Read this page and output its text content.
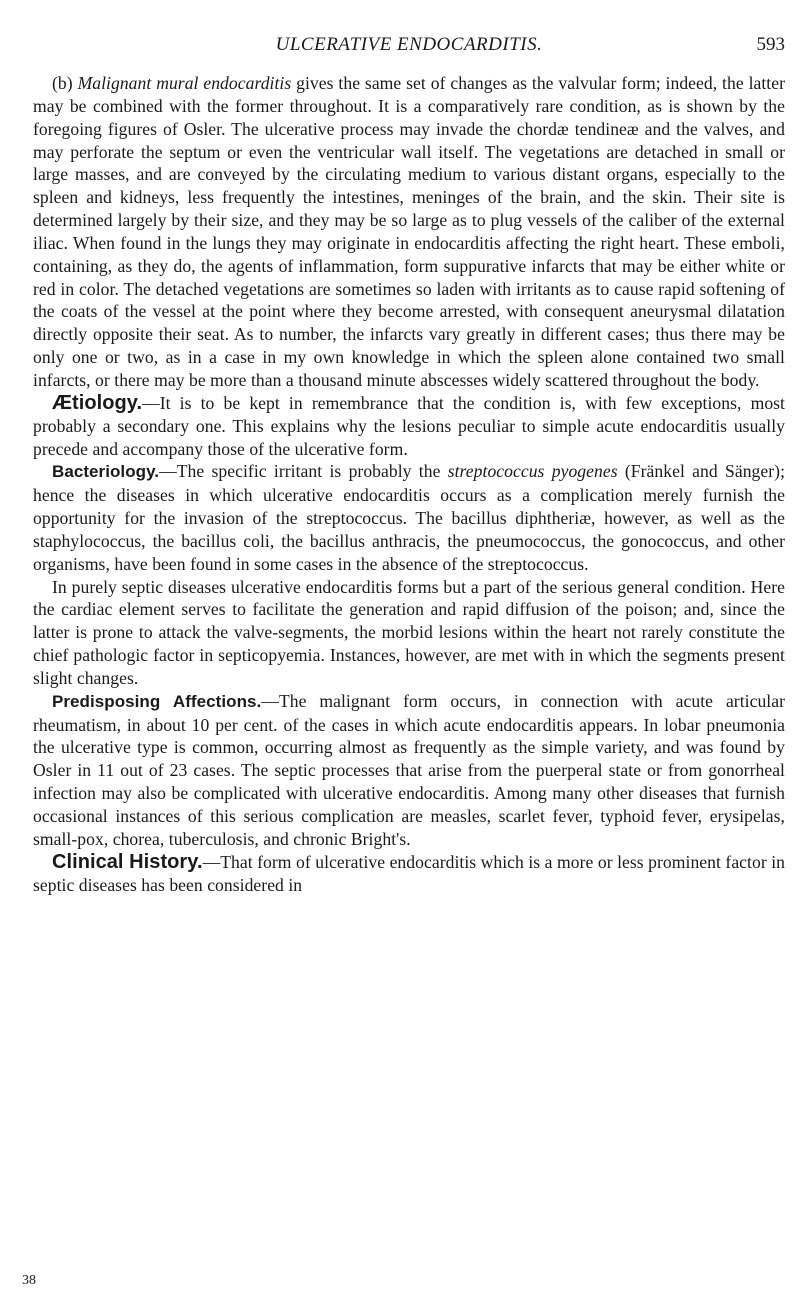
ULCERATIVE ENDOCARDITIS.	593

(b) Malignant mural endocarditis gives the same set of changes as the valvular form; indeed, the latter may be combined with the former throughout. It is a comparatively rare condition, as is shown by the foregoing figures of Osler. The ulcerative process may invade the chordæ tendineæ and the valves, and may perforate the septum or even the ventricular wall itself. The vegetations are detached in small or large masses, and are conveyed by the circulating medium to various distant organs, especially to the spleen and kidneys, less frequently the intestines, meninges of the brain, and the skin. Their site is determined largely by their size, and they may be so large as to plug vessels of the caliber of the external iliac. When found in the lungs they may originate in endocarditis affecting the right heart. These emboli, containing, as they do, the agents of inflammation, form suppurative infarcts that may be either white or red in color. The detached vegetations are sometimes so laden with irritants as to cause rapid softening of the coats of the vessel at the point where they become arrested, with consequent aneurysmal dilatation directly opposite their seat. As to number, the infarcts vary greatly in different cases; thus there may be only one or two, as in a case in my own knowledge in which the spleen alone contained two small infarcts, or there may be more than a thousand minute abscesses widely scattered throughout the body.

Ætiology.—It is to be kept in remembrance that the condition is, with few exceptions, most probably a secondary one. This explains why the lesions peculiar to simple acute endocarditis usually precede and accompany those of the ulcerative form.

Bacteriology.—The specific irritant is probably the streptococcus pyogenes (Fränkel and Sänger); hence the diseases in which ulcerative endocarditis occurs as a complication merely furnish the opportunity for the invasion of the streptococcus. The bacillus diphtheriæ, however, as well as the staphylococcus, the bacillus coli, the bacillus anthracis, the pneumococcus, the gonococcus, and other organisms, have been found in some cases in the absence of the streptococcus.

In purely septic diseases ulcerative endocarditis forms but a part of the serious general condition. Here the cardiac element serves to facilitate the generation and rapid diffusion of the poison; and, since the latter is prone to attack the valve-segments, the morbid lesions within the heart not rarely constitute the chief pathologic factor in septicopyemia. Instances, however, are met with in which the segments present slight changes.

Predisposing Affections.—The malignant form occurs, in connection with acute articular rheumatism, in about 10 per cent. of the cases in which acute endocarditis appears. In lobar pneumonia the ulcerative type is common, occurring almost as frequently as the simple variety, and was found by Osler in 11 out of 23 cases. The septic processes that arise from the puerperal state or from gonorrheal infection may also be complicated with ulcerative endocarditis. Among many other diseases that furnish occasional instances of this serious complication are measles, scarlet fever, typhoid fever, erysipelas, small-pox, chorea, tuberculosis, and chronic Bright's.

Clinical History.—That form of ulcerative endocarditis which is a more or less prominent factor in septic diseases has been considered in

38
